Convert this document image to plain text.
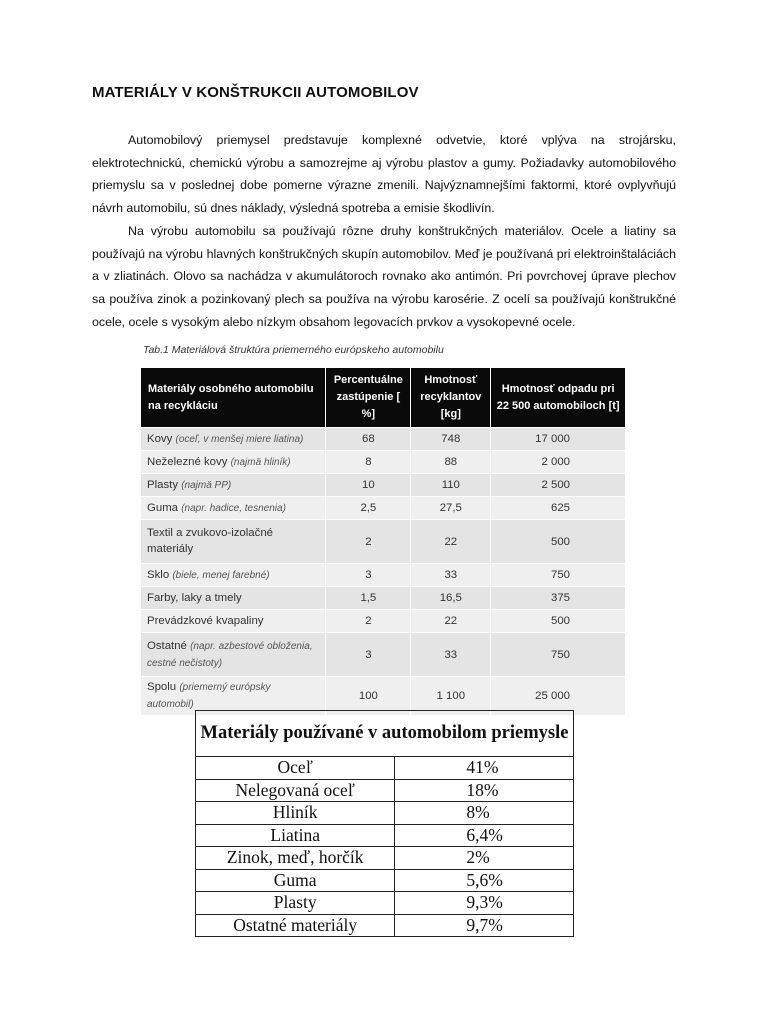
MATERIÁLY V KONŠTRUKCII AUTOMOBILOV

Automobilový priemysel predstavuje komplexné odvetvie, ktoré vplýva na strojársku, elektrotechnickú, chemickú výrobu a samozrejme aj výrobu plastov a gumy. Požiadavky automobilového priemyslu sa v poslednej dobe pomerne výrazne zmenili. Najvýznamnejšími faktormi, ktoré ovplyvňujú návrh automobilu, sú dnes náklady, výsledná spotreba a emisie škodlivín.

Na výrobu automobilu sa používajú rôzne druhy konštrukčných materiálov. Ocele a liatiny sa používajú na výrobu hlavných konštrukčných skupín automobilov. Meď je používaná pri elektroinštaláciách a v zliatinách. Olovo sa nachádza v akumulátoroch rovnako ako antimón. Pri povrchovej úprave plechov sa používa zinok a pozinkovaný plech sa používa na výrobu karosérie. Z ocelí sa používajú konštrukčné ocele, ocele s vysokým alebo nízkym obsahom legovacích prvkov a vysokopevné ocele.

Tab.1 Materiálová štruktúra priemerného európskeho automobilu
Materiály osobného automobilu na recykláciu	Percentuálne zastúpenie [ %]	Hmotnosť recyklantov [kg]	Hmotnosť odpadu pri 22 500 automobiloch [t]
Kovy (oceľ, v menšej miere liatina)	68	748	17 000
Neželezné kovy (najmä hliník)	8	88	2 000
Plasty (najmä PP)	10	110	2 500
Guma (napr. hadice, tesnenia)	2,5	27,5	625
Textil a zvukovo-izolačné materiály	2	22	500
Sklo (biele, menej farebné)	3	33	750
Farby, laky a tmely	1,5	16,5	375
Prevádzkové kvapaliny	2	22	500
Ostatné (napr. azbestové obloženia, cestné nečistoty)	3	33	750
Spolu (priemerný európsky automobil)	100	1 100	25 000
Materiály používané v automobilom priemysle	
Oceľ	41%
Nelegovaná oceľ	18%
Hliník	8%
Liatina	6,4%
Zinok, meď, horčík	2%
Guma	5,6%
Plasty	9,3%
Ostatné materiály	9,7%
